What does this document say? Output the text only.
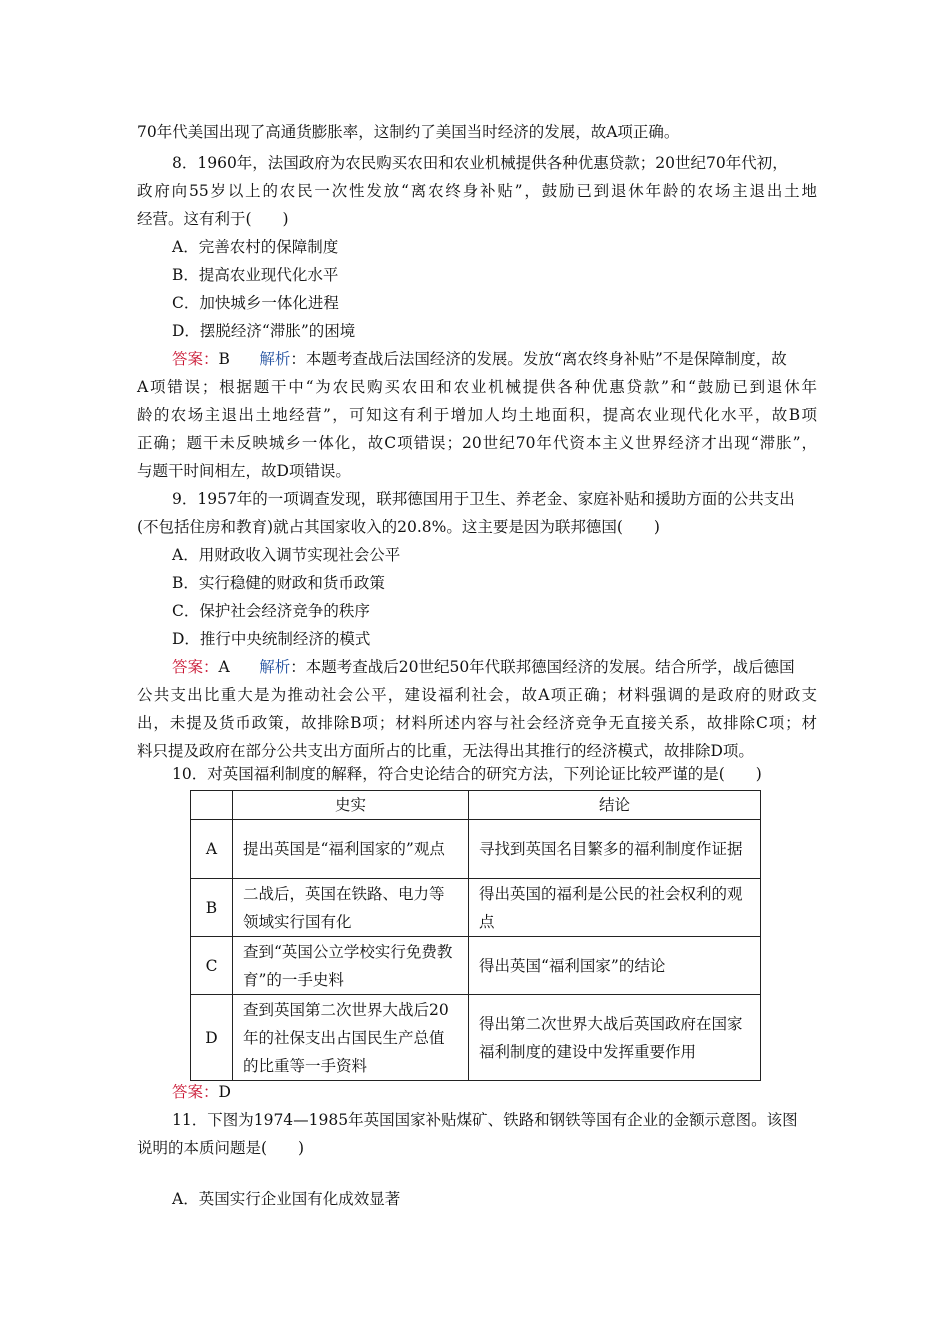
70年代美国出现了高通货膨胀率，这制约了美国当时经济的发展，故A项正确。
8．1960年，法国政府为农民购买农田和农业机械提供各种优惠贷款；20世纪70年代初，
政府向55岁以上的农民一次性发放“离农终身补贴”，鼓励已到退休年龄的农场主退出土地
经营。这有利于(　　)
A．完善农村的保障制度
B．提高农业现代化水平
C．加快城乡一体化进程
D．摆脱经济“滞胀”的困境
答案：B　解析：本题考查战后法国经济的发展。发放“离农终身补贴”不是保障制度，故
A项错误；根据题干中“为农民购买农田和农业机械提供各种优惠贷款”和“鼓励已到退休年
龄的农场主退出土地经营”，可知这有利于增加人均土地面积，提高农业现代化水平，故B项
正确；题干未反映城乡一体化，故C项错误；20世纪70年代资本主义世界经济才出现“滞胀”，
与题干时间相左，故D项错误。
9．1957年的一项调查发现，联邦德国用于卫生、养老金、家庭补贴和援助方面的公共支出
(不包括住房和教育)就占其国家收入的20.8%。这主要是因为联邦德国(　　)
A．用财政收入调节实现社会公平
B．实行稳健的财政和货币政策
C．保护社会经济竞争的秩序
D．推行中央统制经济的模式
答案：A　解析：本题考查战后20世纪50年代联邦德国经济的发展。结合所学，战后德国
公共支出比重大是为推动社会公平，建设福利社会，故A项正确；材料强调的是政府的财政支
出，未提及货币政策，故排除B项；材料所述内容与社会经济竞争无直接关系，故排除C项；材
料只提及政府在部分公共支出方面所占的比重，无法得出其推行的经济模式，故排除D项。
10．对英国福利制度的解释，符合史论结合的研究方法，下列论证比较严谨的是(　　)
	史实	结论
A	提出英国是“福利国家的”观点	寻找到英国名目繁多的福利制度作证据
B	二战后，英国在铁路、电力等领域实行国有化	得出英国的福利是公民的社会权利的观点
C	查到“英国公立学校实行免费教育”的一手史料	得出英国“福利国家”的结论
D	查到英国第二次世界大战后20年的社保支出占国民生产总值的比重等一手资料	得出第二次世界大战后英国政府在国家福利制度的建设中发挥重要作用
答案：D
11．下图为1974—1985年英国国家补贴煤矿、铁路和钢铁等国有企业的金额示意图。该图
说明的本质问题是(　　)
A．英国实行企业国有化成效显著
